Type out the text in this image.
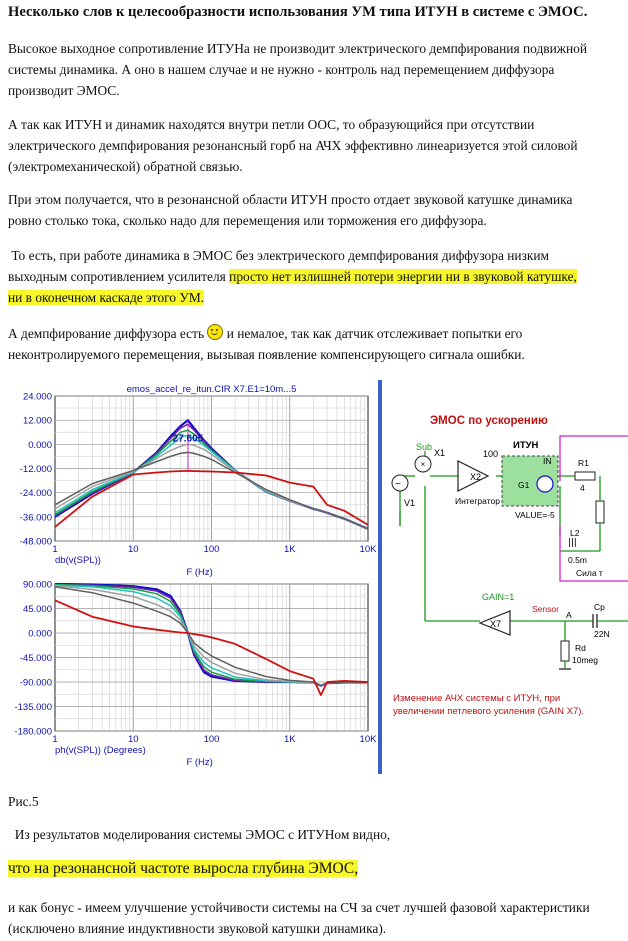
Несколько слов к целесообразности использования УМ типа ИТУН в системе с ЭМОС.
Высокое выходное сопротивление ИТУНа не производит электрического демпфирования подвижной
системы динамика. А оно в нашем случае и не нужно - контроль над перемещением диффузора
производит ЭМОС.
А так как ИТУН и динамик находятся внутри петли ООС, то образующийся при отсутствии
электрического демпфирования резонансный горб на АЧХ эффективно линеаризуется этой силовой
(электромеханической) обратной связью.
При этом получается, что в резонансной области ИТУН просто отдает звуковой катушке динамика
ровно столько тока, сколько надо для перемещения или торможения его диффузора.
То есть, при работе динамика в ЭМОС без электрического демпфирования диффузора низким
выходным сопротивлением усилителя просто нет излишней потери энергии ни в звуковой катушке,
ни в оконечном каскаде этого УМ.
А демпфирование диффузора есть  и немалое, так как датчик отслеживает попытки его
неконтролируемого перемещения, вызывая появление компенсирующего сигнала ошибки.
24.000
12.000
0.000
-12.000
-24.000
-36.000
-48.000
1	10	100	1K	10K
emos_accel_re_itun.CIR X7.E1=10m...5
db(v(SPL))
F (Hz)
27.605
90.000
45.000
0.000
-45.000
-90.000
-135.000
-180.000
1	10	100	1K	10K
ph(v(SPL)) (Degrees)
F (Hz)
ЭМОС по ускорению
×
Sub
X1
~
V1
100
X2
Интегратор
ИТУН
IN
G1
VALUE=-5
R1
4
ꟾꟾꟾ
L2
0.5m
Сила т
GAIN=1
X7
Sensor
A
Cp
22N
Rd
10meg
Изменение АЧХ системы с ИТУН, при
увеличении петлевого усиления (GAIN X7).
Рис.5
Из результатов моделирования системы ЭМОС с ИТУНом видно,
что на резонансной частоте выросла глубина ЭМОС,
и как бонус - имеем улучшение устойчивости системы на СЧ за счет лучшей фазовой характеристики
(исключено влияние индуктивности звуковой катушки динамика).
